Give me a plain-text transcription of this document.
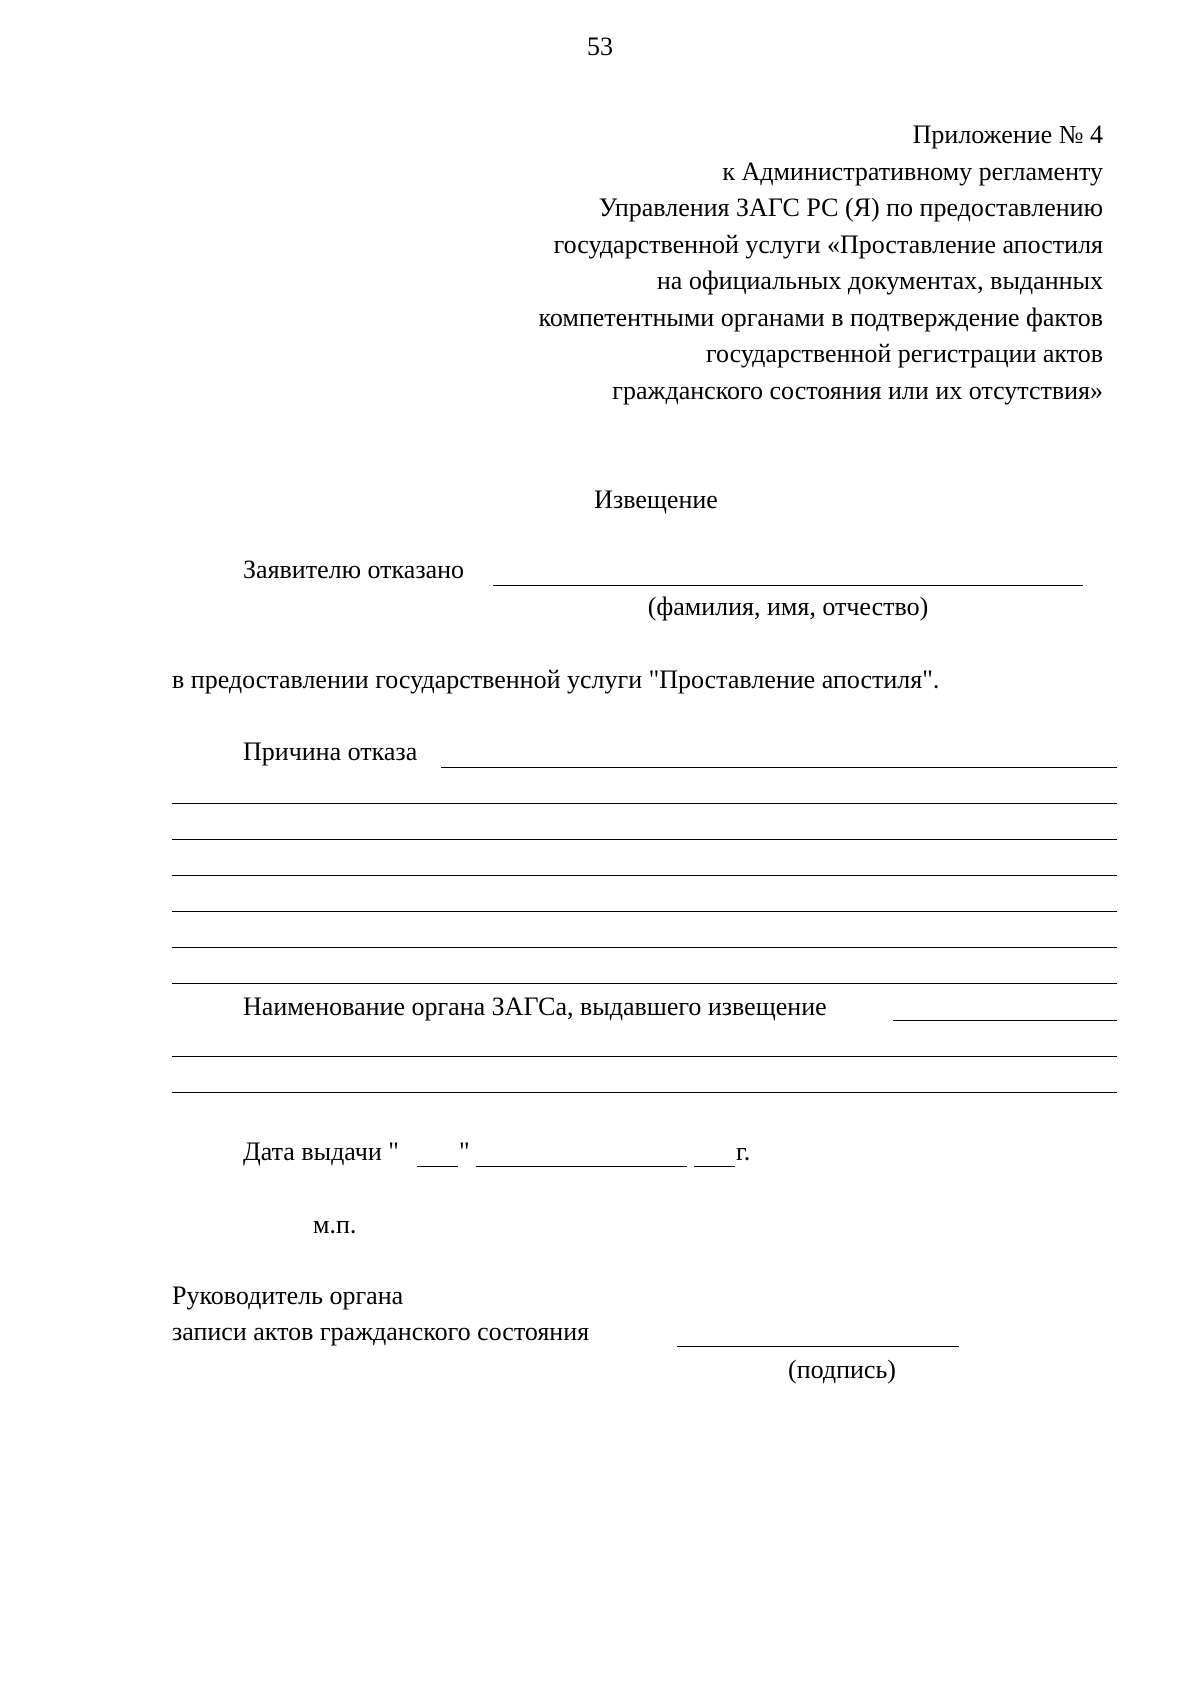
53
Приложение № 4
к Административному регламенту
Управления ЗАГС РС (Я) по предоставлению
государственной услуги «Проставление апостиля
на официальных документах, выданных
компетентными органами в подтверждение фактов
государственной регистрации актов
гражданского состояния или их отсутствия»
Извещение
Заявителю отказано
(фамилия, имя, отчество)
в предоставлении государственной услуги "Проставление апостиля".
Причина отказа
Наименование органа ЗАГСа, выдавшего извещение
Дата выдачи " "	г.
м.п.
Руководитель органа
записи актов гражданского состояния
(подпись)
